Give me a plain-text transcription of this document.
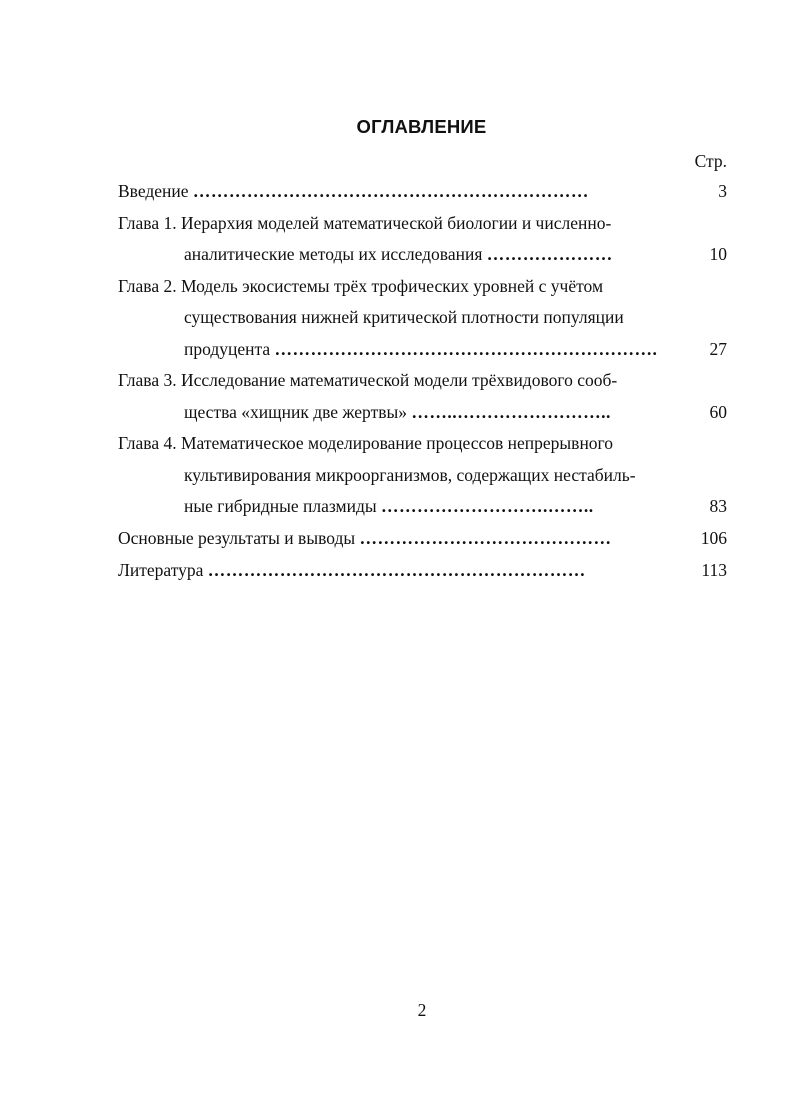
ОГЛАВЛЕНИЕ
Стр.
Введение …………………………………………………………	3
Глава 1. Иерархия моделей математической биологии и численно-
аналитические методы их исследования …………………	10
Глава 2. Модель экосистемы трёх трофических уровней с учётом
существования нижней критической плотности популяции
продуцента ……………………………………………………….	27
Глава 3. Исследование математической модели трёхвидового сооб-
щества «хищник две жертвы» ……..……………………..	60
Глава 4. Математическое моделирование процессов непрерывного
культивирования микроорганизмов, содержащих нестабиль-
ные гибридные плазмиды ……………………….……..	83
Основные результаты и выводы ……………………………………	106
Литература ………………………………………………………	113
2
